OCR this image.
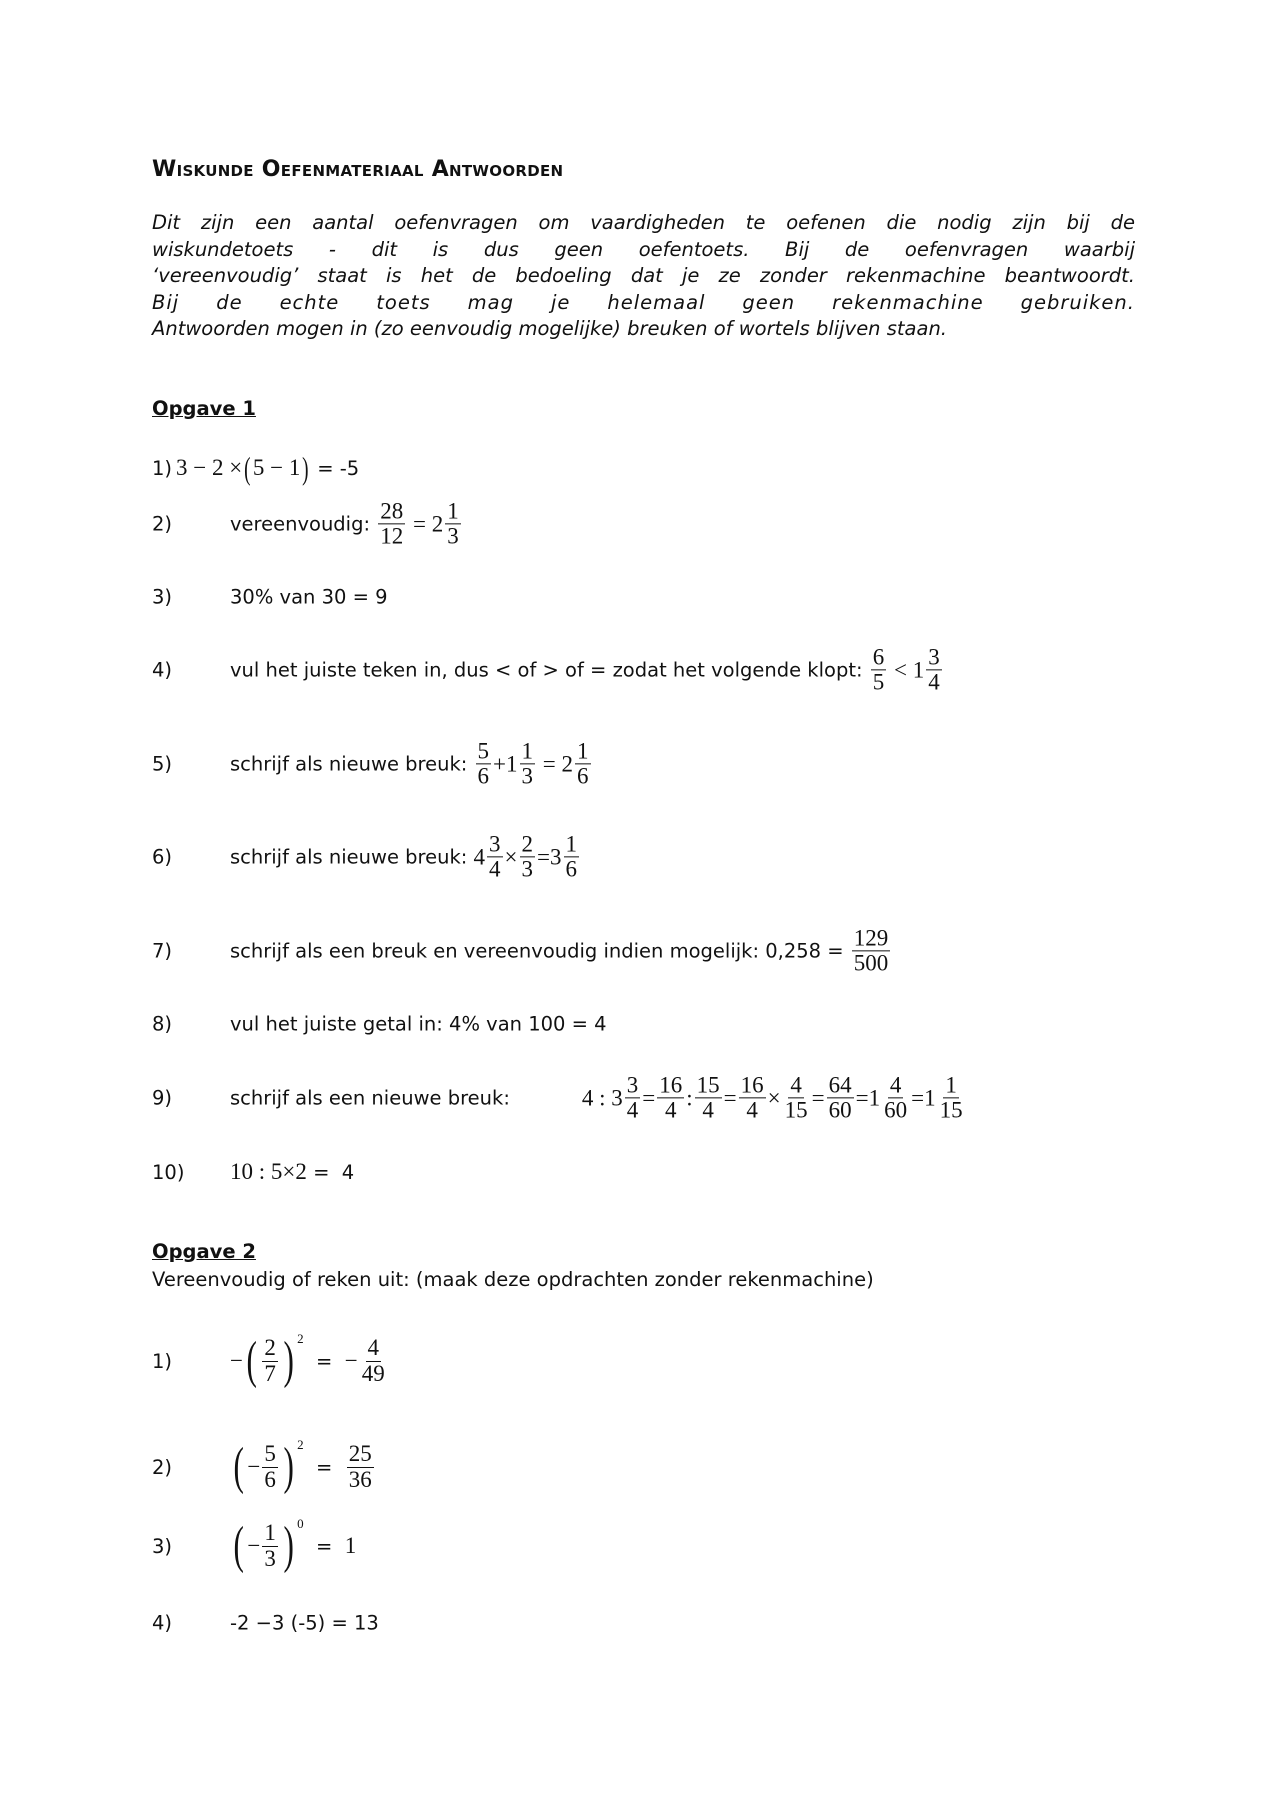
Wiskunde Oefenmateriaal Antwoorden
Dit zijn een aantal oefenvragen om vaardigheden te oefenen die nodig zijn bij de
wiskundetoets - dit is dus geen oefentoets. Bij de oefenvragen waarbij
‘vereenvoudig’ staat is het de bedoeling dat je ze zonder rekenmachine beantwoordt.
Bij de echte toets mag je helemaal geen rekenmachine gebruiken.
Antwoorden mogen in (zo eenvoudig mogelijke) breuken of wortels blijven staan.
Opgave 1
1) 3 − 2 × ( 5 − 1 ) = -5
2)	vereenvoudig: $\frac{28}{12} = 2 \frac{1}{3}$
3)	30% van 30 = 9
4)	vul het juiste teken in, dus < of > of = zodat het volgende klopt: $\frac{6}{5} < 1 \frac{3}{4}$
5)	schrijf als nieuwe breuk: $\frac{5}{6} +1 \frac{1}{3} = 2 \frac{1}{6}$
6)	schrijf als nieuwe breuk: $4 \frac{3}{4} \times \frac{2}{3} =3 \frac{1}{6}$
7)	schrijf als een breuk en vereenvoudig indien mogelijk: $0,258 = \frac{129}{500}$
8)	vul het juiste getal in: 4% van 100 = 4
9)	schrijf als een nieuwe breuk:	4 : $3 \frac{3}{4} = \frac{16}{4}$ : $\frac{15}{4} = \frac{16}{4} \times \frac{4}{15} = \frac{64}{60} =1 \frac{4}{60} =1 \frac{1}{15}$
10)	10 : 5×2 =  4
Opgave 2
Vereenvoudig of reken uit: (maak deze opdrachten zonder rekenmachine)
1)	− ( $\frac{2}{7}$ ) 2
= − $\frac{4}{49}$
2)	( − $\frac{5}{6}$ ) 2
= $\frac{25}{36}$
3)	( − $\frac{1}{3}$ ) 0
= 1
4)	-2 −3 (-5) = 13
